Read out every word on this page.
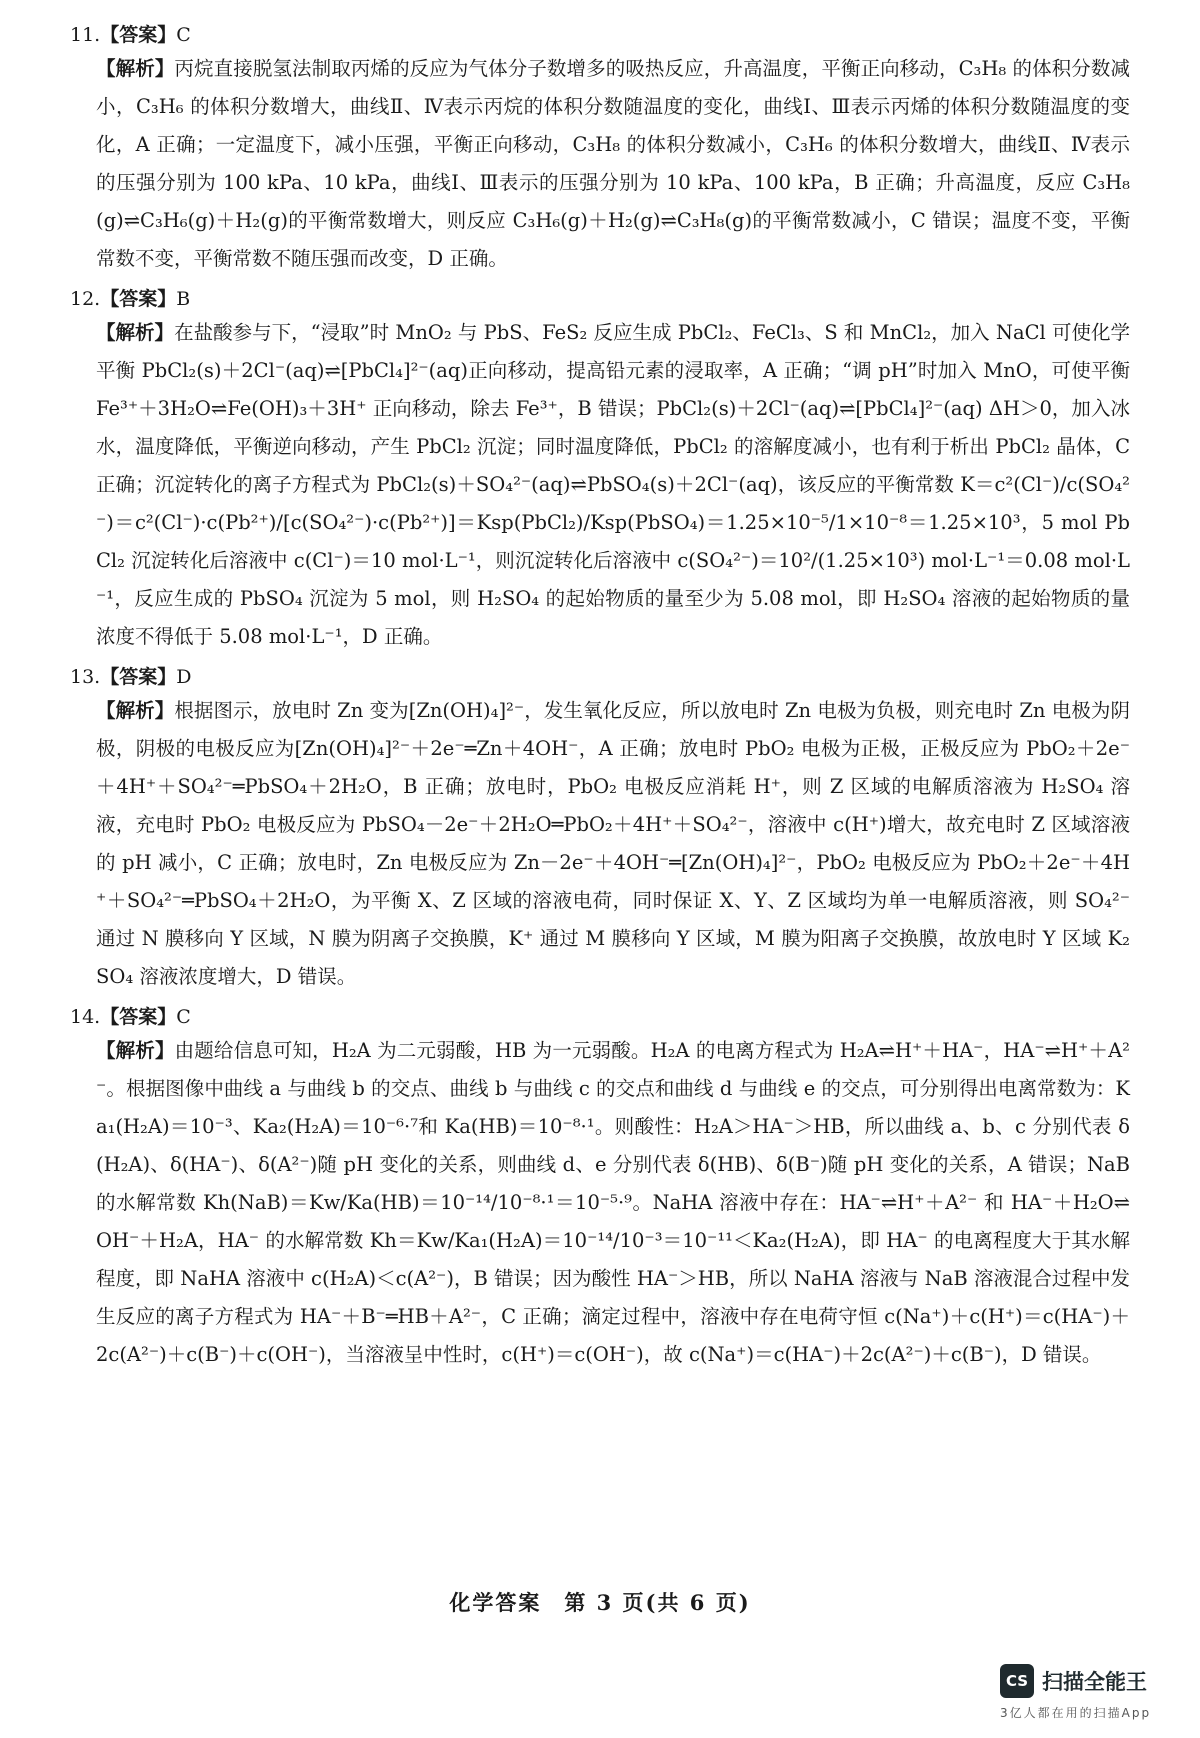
11.【答案】C

【解析】丙烷直接脱氢法制取丙烯的反应为气体分子数增多的吸热反应，升高温度，平衡正向移动，C₃H₈ 的体积分数减小，C₃H₆ 的体积分数增大，曲线Ⅱ、Ⅳ表示丙烷的体积分数随温度的变化，曲线Ⅰ、Ⅲ表示丙烯的体积分数随温度的变化，A 正确；一定温度下，减小压强，平衡正向移动，C₃H₈ 的体积分数减小，C₃H₆ 的体积分数增大，曲线Ⅱ、Ⅳ表示的压强分别为 100 kPa、10 kPa，曲线Ⅰ、Ⅲ表示的压强分别为 10 kPa、100 kPa，B 正确；升高温度，反应 C₃H₈(g)⇌C₃H₆(g)＋H₂(g)的平衡常数增大，则反应 C₃H₆(g)＋H₂(g)⇌C₃H₈(g)的平衡常数减小，C 错误；温度不变，平衡常数不变，平衡常数不随压强而改变，D 正确。

12.【答案】B

【解析】在盐酸参与下，“浸取”时 MnO₂ 与 PbS、FeS₂ 反应生成 PbCl₂、FeCl₃、S 和 MnCl₂，加入 NaCl 可使化学平衡 PbCl₂(s)＋2Cl⁻(aq)⇌[PbCl₄]²⁻(aq)正向移动，提高铅元素的浸取率，A 正确；“调 pH”时加入 MnO，可使平衡 Fe³⁺＋3H₂O⇌Fe(OH)₃＋3H⁺ 正向移动，除去 Fe³⁺，B 错误；PbCl₂(s)＋2Cl⁻(aq)⇌[PbCl₄]²⁻(aq) ΔH＞0，加入冰水，温度降低，平衡逆向移动，产生 PbCl₂ 沉淀；同时温度降低，PbCl₂ 的溶解度减小，也有利于析出 PbCl₂ 晶体，C 正确；沉淀转化的离子方程式为 PbCl₂(s)＋SO₄²⁻(aq)⇌PbSO₄(s)＋2Cl⁻(aq)，该反应的平衡常数 K＝c²(Cl⁻)/c(SO₄²⁻)＝c²(Cl⁻)·c(Pb²⁺)/[c(SO₄²⁻)·c(Pb²⁺)]＝Ksp(PbCl₂)/Ksp(PbSO₄)＝1.25×10⁻⁵/1×10⁻⁸＝1.25×10³，5 mol PbCl₂ 沉淀转化后溶液中 c(Cl⁻)＝10 mol·L⁻¹，则沉淀转化后溶液中 c(SO₄²⁻)＝10²/(1.25×10³) mol·L⁻¹＝0.08 mol·L⁻¹，反应生成的 PbSO₄ 沉淀为 5 mol，则 H₂SO₄ 的起始物质的量至少为 5.08 mol，即 H₂SO₄ 溶液的起始物质的量浓度不得低于 5.08 mol·L⁻¹，D 正确。

13.【答案】D

【解析】根据图示，放电时 Zn 变为[Zn(OH)₄]²⁻，发生氧化反应，所以放电时 Zn 电极为负极，则充电时 Zn 电极为阴极，阴极的电极反应为[Zn(OH)₄]²⁻＋2e⁻═Zn＋4OH⁻，A 正确；放电时 PbO₂ 电极为正极，正极反应为 PbO₂＋2e⁻＋4H⁺＋SO₄²⁻═PbSO₄＋2H₂O，B 正确；放电时，PbO₂ 电极反应消耗 H⁺，则 Z 区域的电解质溶液为 H₂SO₄ 溶液，充电时 PbO₂ 电极反应为 PbSO₄－2e⁻＋2H₂O═PbO₂＋4H⁺＋SO₄²⁻，溶液中 c(H⁺)增大，故充电时 Z 区域溶液的 pH 减小，C 正确；放电时，Zn 电极反应为 Zn－2e⁻＋4OH⁻═[Zn(OH)₄]²⁻，PbO₂ 电极反应为 PbO₂＋2e⁻＋4H⁺＋SO₄²⁻═PbSO₄＋2H₂O，为平衡 X、Z 区域的溶液电荷，同时保证 X、Y、Z 区域均为单一电解质溶液，则 SO₄²⁻ 通过 N 膜移向 Y 区域，N 膜为阴离子交换膜，K⁺ 通过 M 膜移向 Y 区域，M 膜为阳离子交换膜，故放电时 Y 区域 K₂SO₄ 溶液浓度增大，D 错误。

14.【答案】C

【解析】由题给信息可知，H₂A 为二元弱酸，HB 为一元弱酸。H₂A 的电离方程式为 H₂A⇌H⁺＋HA⁻，HA⁻⇌H⁺＋A²⁻。根据图像中曲线 a 与曲线 b 的交点、曲线 b 与曲线 c 的交点和曲线 d 与曲线 e 的交点，可分别得出电离常数为：Ka₁(H₂A)＝10⁻³、Ka₂(H₂A)＝10⁻⁶·⁷和 Ka(HB)＝10⁻⁸·¹。则酸性：H₂A＞HA⁻＞HB，所以曲线 a、b、c 分别代表 δ(H₂A)、δ(HA⁻)、δ(A²⁻)随 pH 变化的关系，则曲线 d、e 分别代表 δ(HB)、δ(B⁻)随 pH 变化的关系，A 错误；NaB 的水解常数 Kh(NaB)＝Kw/Ka(HB)＝10⁻¹⁴/10⁻⁸·¹＝10⁻⁵·⁹。NaHA 溶液中存在：HA⁻⇌H⁺＋A²⁻ 和 HA⁻＋H₂O⇌OH⁻＋H₂A，HA⁻ 的水解常数 Kh＝Kw/Ka₁(H₂A)＝10⁻¹⁴/10⁻³＝10⁻¹¹＜Ka₂(H₂A)，即 HA⁻ 的电离程度大于其水解程度，即 NaHA 溶液中 c(H₂A)＜c(A²⁻)，B 错误；因为酸性 HA⁻＞HB，所以 NaHA 溶液与 NaB 溶液混合过程中发生反应的离子方程式为 HA⁻＋B⁻═HB＋A²⁻，C 正确；滴定过程中，溶液中存在电荷守恒 c(Na⁺)＋c(H⁺)＝c(HA⁻)＋2c(A²⁻)＋c(B⁻)＋c(OH⁻)，当溶液呈中性时，c(H⁺)＝c(OH⁻)，故 c(Na⁺)＝c(HA⁻)＋2c(A²⁻)＋c(B⁻)，D 错误。

化学答案　第 3 页(共 6 页)
CS 扫描全能王
3亿人都在用的扫描App
